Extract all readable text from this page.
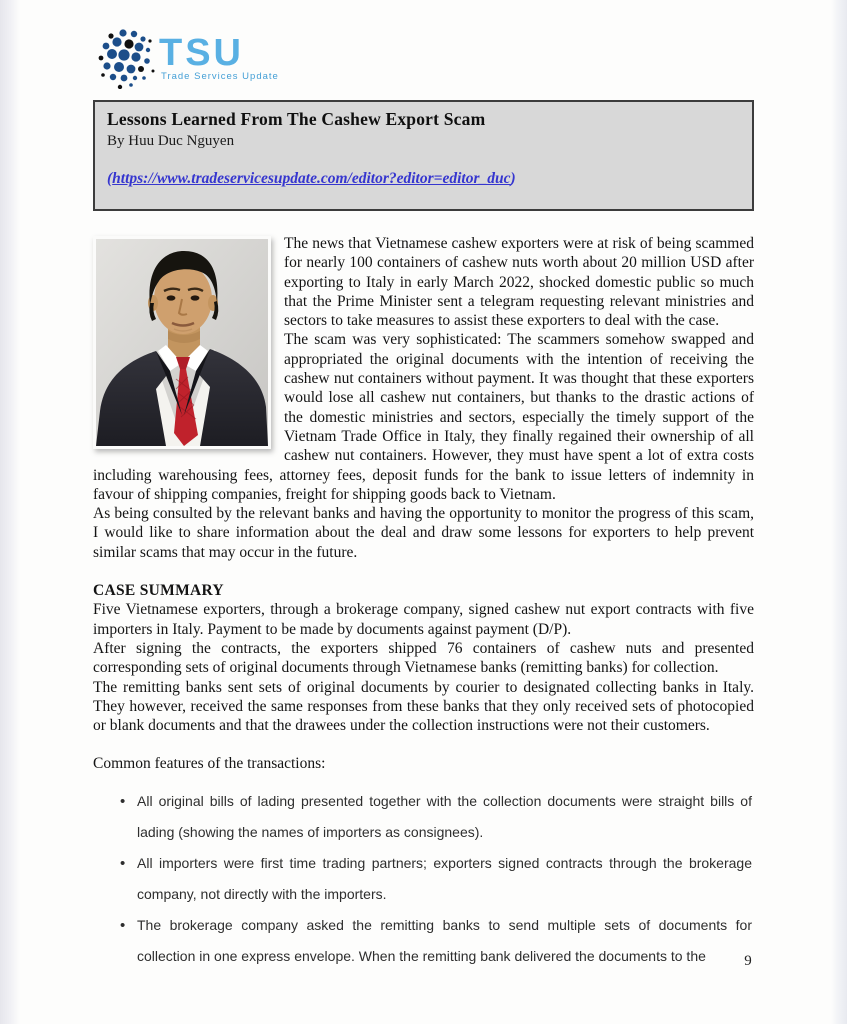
TSU
Trade Services Update
Lessons Learned From The Cashew Export Scam

By Huu Duc Nguyen

(https://www.tradeservicesupdate.com/editor?editor=editor_duc)

The news that Vietnamese cashew exporters were at risk of being scammed for nearly 100 containers of cashew nuts worth about 20 million USD after exporting to Italy in early March 2022, shocked domestic public so much that the Prime Minister sent a telegram requesting relevant ministries and sectors to take measures to assist these exporters to deal with the case.

The scam was very sophisticated: The scammers somehow swapped and appropriated the original documents with the intention of receiving the cashew nut containers without payment. It was thought that these exporters would lose all cashew nut containers, but thanks to the drastic actions of the domestic ministries and sectors, especially the timely support of the Vietnam Trade Office in Italy, they finally regained their ownership of all cashew nut containers. However, they must have spent a lot of extra costs including warehousing fees, attorney fees, deposit funds for the bank to issue letters of indemnity in favour of shipping companies, freight for shipping goods back to Vietnam.

As being consulted by the relevant banks and having the opportunity to monitor the progress of this scam, I would like to share information about the deal and draw some lessons for exporters to help prevent similar scams that may occur in the future.

CASE SUMMARY

Five Vietnamese exporters, through a brokerage company, signed cashew nut export contracts with five importers in Italy. Payment to be made by documents against payment (D/P).

After signing the contracts, the exporters shipped 76 containers of cashew nuts and presented corresponding sets of original documents through Vietnamese banks (remitting banks) for collection.

The remitting banks sent sets of original documents by courier to designated collecting banks in Italy. They however, received the same responses from these banks that they only received sets of photocopied or blank documents and that the drawees under the collection instructions were not their customers.

Common features of the transactions:

• All original bills of lading presented together with the collection documents were straight bills of lading (showing the names of importers as consignees).
• All importers were first time trading partners; exporters signed contracts through the brokerage company, not directly with the importers.
• The brokerage company asked the remitting banks to send multiple sets of documents for collection in one express envelope. When the remitting bank delivered the documents to the	9
